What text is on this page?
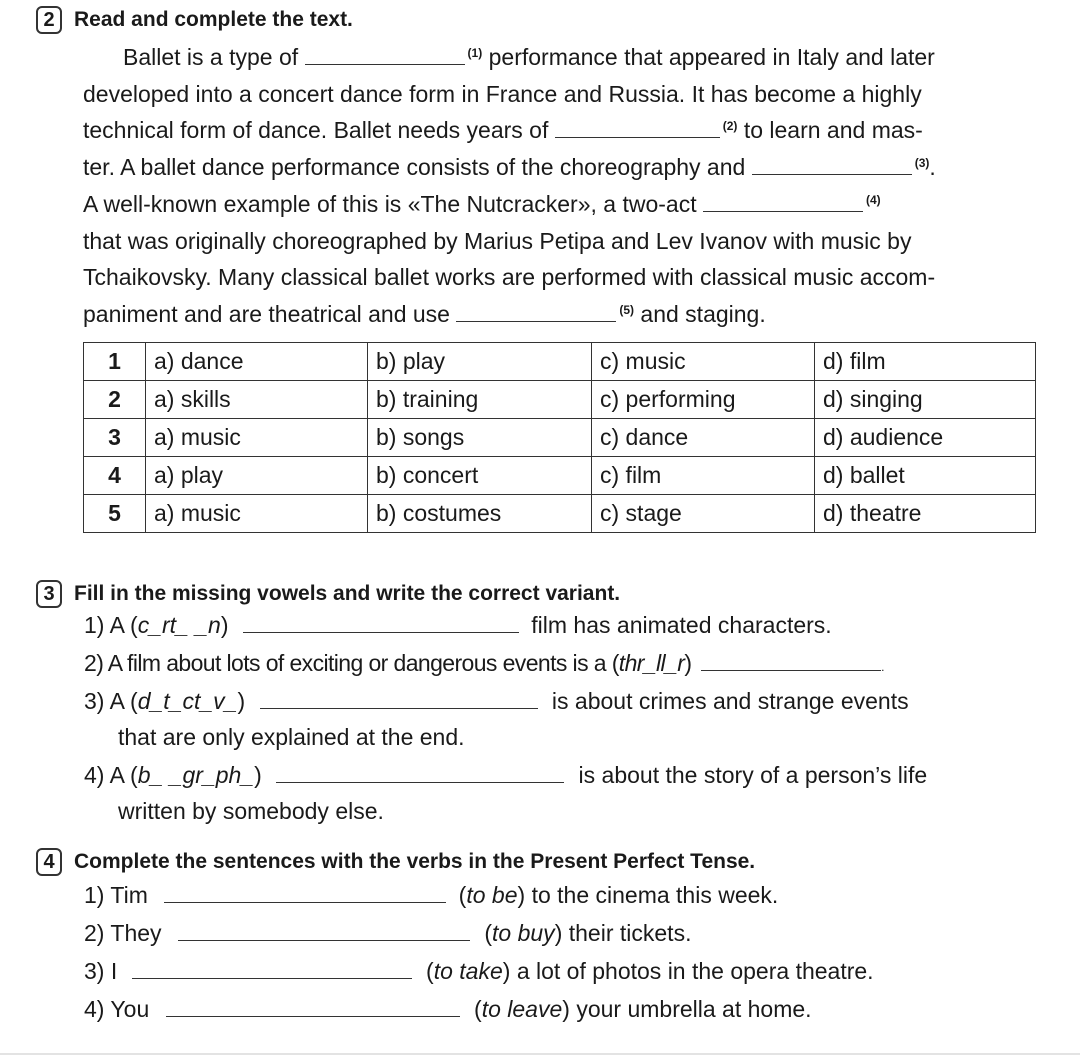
2 Read and complete the text.
Ballet is a type of	$^{(1)}$ performance that appeared in Italy and later
developed into a concert dance form in France and Russia. It has become a highly
technical form of dance. Ballet needs years of	$^{(2)}$ to learn and mas-
ter. A ballet dance performance consists of the choreography and	$^{(3)}$.
A well-known example of this is «The Nutcracker», a two-act	$^{(4)}$
that was originally choreographed by Marius Petipa and Lev Ivanov with music by
Tchaikovsky. Many classical ballet works are performed with classical music accom-
paniment and are theatrical and use	$^{(5)}$ and staging.
1	a) dance	b) play	c) music	d) film
2	a) skills	b) training	c) performing	d) singing
3	a) music	b) songs	c) dance	d) audience
4	a) play	b) concert	c) film	d) ballet
5	a) music	b) costumes	c) stage	d) theatre
3 Fill in the missing vowels and write the correct variant.
1) A (c_rt_ _n)	film has animated characters.
2) A film about lots of exciting or dangerous events is a (thr_ll_r)	.
3) A (d_t_ct_v_)	is about crimes and strange events
that are only explained at the end.
4) A (b_ _gr_ph_)	is about the story of a person’s life
written by somebody else.
4 Complete the sentences with the verbs in the Present Perfect Tense.
1) Tim	(to be) to the cinema this week.
2) They	(to buy) their tickets.
3) I	(to take) a lot of photos in the opera theatre.
4) You	(to leave) your umbrella at home.
